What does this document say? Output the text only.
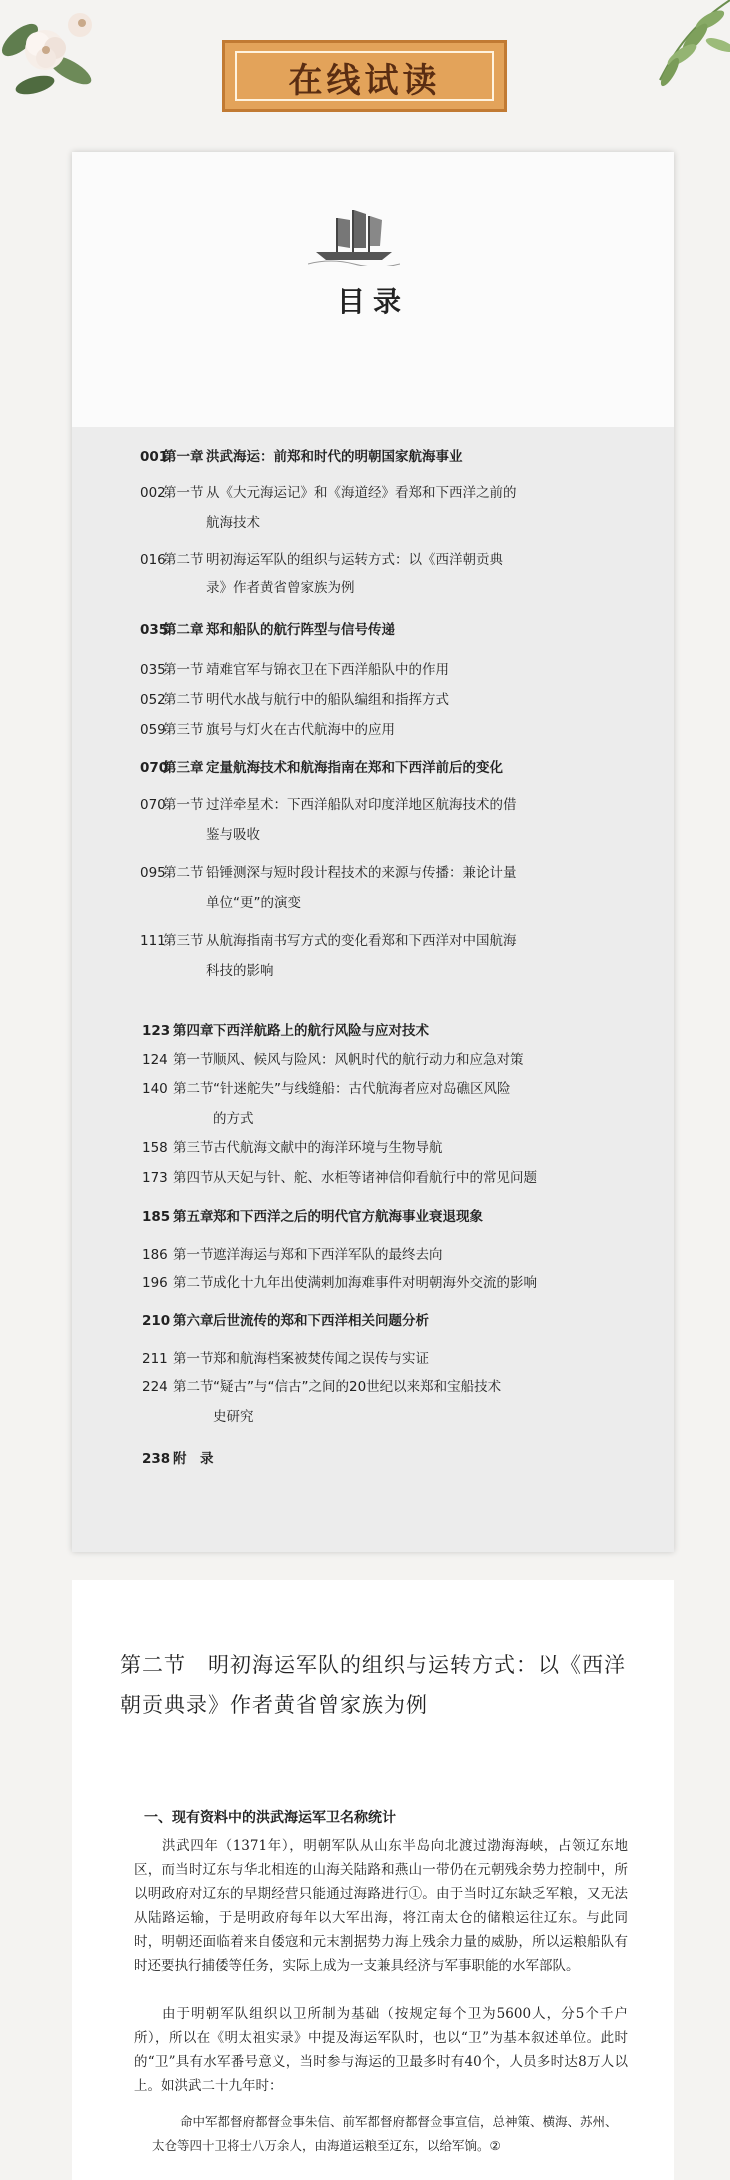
在线试读
目录
001
第一章 洪武海运：前郑和时代的明朝国家航海事业
002
第一节 从《大元海运记》和《海道经》看郑和下西洋之前的
航海技术
016
第二节 明初海运军队的组织与运转方式：以《西洋朝贡典
录》作者黄省曾家族为例
035
第二章 郑和船队的航行阵型与信号传递
035
第一节 靖难官军与锦衣卫在下西洋船队中的作用
052
第二节 明代水战与航行中的船队编组和指挥方式
059
第三节 旗号与灯火在古代航海中的应用
070
第三章 定量航海技术和航海指南在郑和下西洋前后的变化
070
第一节 过洋牵星术：下西洋船队对印度洋地区航海技术的借
鉴与吸收
095
第二节 铅锤测深与短时段计程技术的来源与传播：兼论计量
单位“更”的演变
111
第三节 从航海指南书写方式的变化看郑和下西洋对中国航海
科技的影响
123 第四章 下西洋航路上的航行风险与应对技术
124 第一节 顺风、候风与险风：风帆时代的航行动力和应急对策
140 第二节 “针迷舵失”与线缝船：古代航海者应对岛礁区风险
的方式
158 第三节 古代航海文献中的海洋环境与生物导航
173 第四节 从天妃与针、舵、水柜等诸神信仰看航行中的常见问题
185 第五章 郑和下西洋之后的明代官方航海事业衰退现象
186 第一节 遮洋海运与郑和下西洋军队的最终去向
196 第二节 成化十九年出使满剌加海难事件对明朝海外交流的影响
210 第六章 后世流传的郑和下西洋相关问题分析
211 第一节 郑和航海档案被焚传闻之误传与实证
224 第二节 “疑古”与“信古”之间的20世纪以来郑和宝船技术
史研究
238 附　录
第二节　明初海运军队的组织与运转方式：以《西洋朝贡典录》作者黄省曾家族为例
一、现有资料中的洪武海运军卫名称统计
洪武四年（1371年），明朝军队从山东半岛向北渡过渤海海峡，占领辽东地区，而当时辽东与华北相连的山海关陆路和燕山一带仍在元朝残余势力控制中，所以明政府对辽东的早期经营只能通过海路进行①。由于当时辽东缺乏军粮，又无法从陆路运输，于是明政府每年以大军出海，将江南太仓的储粮运往辽东。与此同时，明朝还面临着来自倭寇和元末割据势力海上残余力量的威胁，所以运粮船队有时还要执行捕倭等任务，实际上成为一支兼具经济与军事职能的水军部队。
由于明朝军队组织以卫所制为基础（按规定每个卫为5600人，分5个千户所），所以在《明太祖实录》中提及海运军队时，也以“卫”为基本叙述单位。此时的“卫”具有水军番号意义，当时参与海运的卫最多时有40个，人员多时达8万人以上。如洪武二十九年时：
命中军都督府都督佥事朱信、前军都督府都督佥事宣信，总神策、横海、苏州、太仓等四十卫将士八万余人，由海道运粮至辽东，以给军饷。②
